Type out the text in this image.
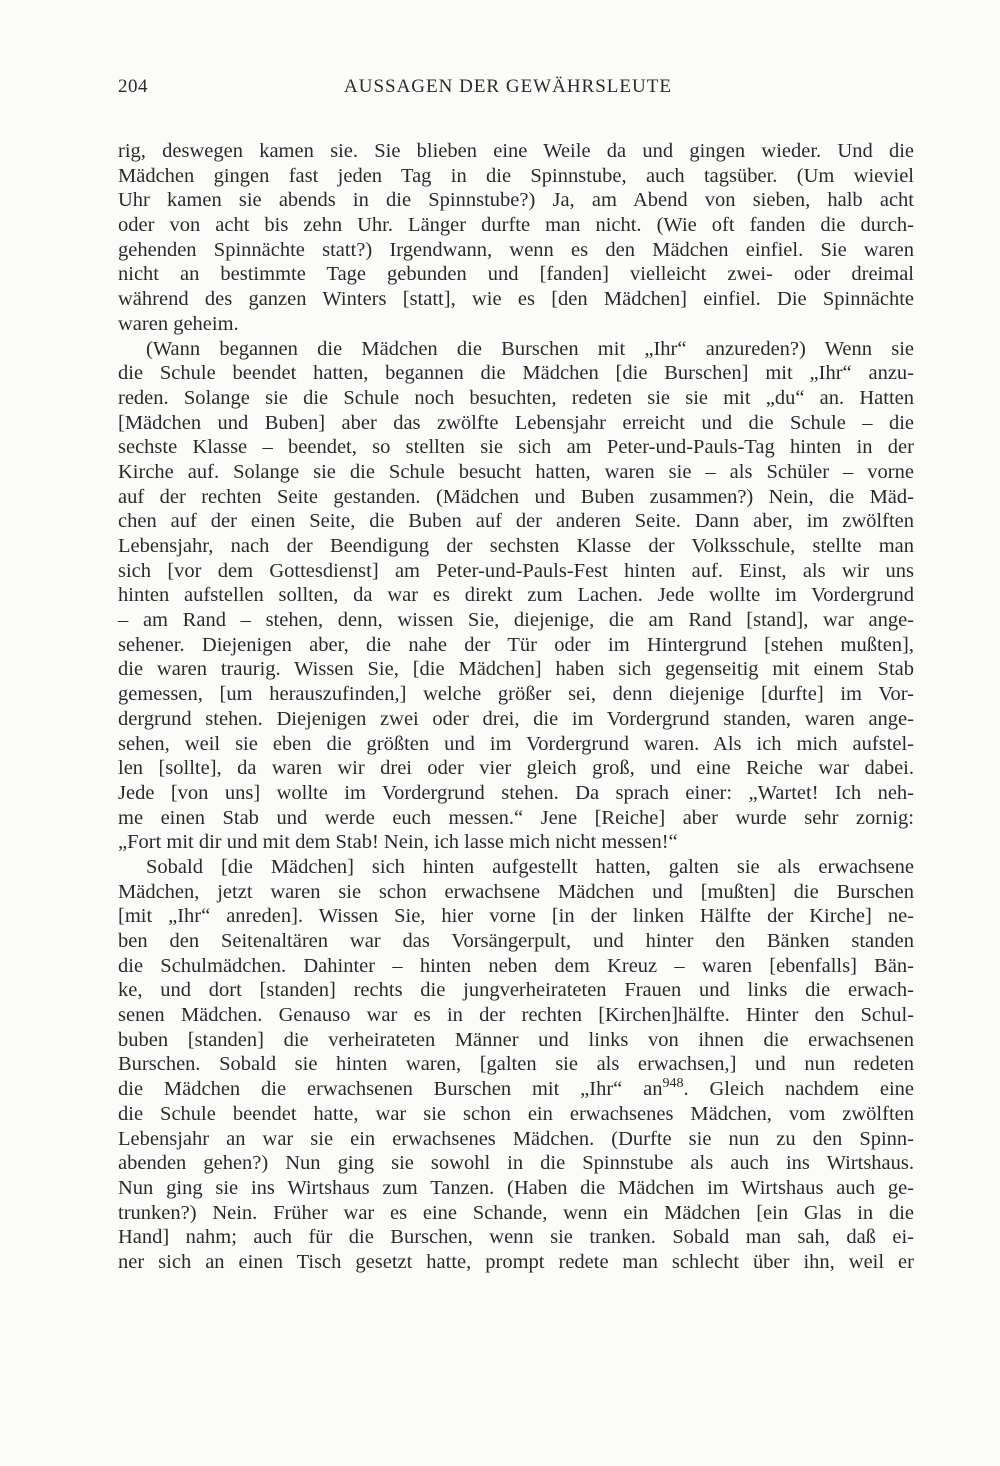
204	AUSSAGEN DER GEWÄHRSLEUTE
rig, deswegen kamen sie. Sie blieben eine Weile da und gingen wieder. Und die
Mädchen gingen fast jeden Tag in die Spinnstube, auch tagsüber. (Um wieviel
Uhr kamen sie abends in die Spinnstube?) Ja, am Abend von sieben, halb acht
oder von acht bis zehn Uhr. Länger durfte man nicht. (Wie oft fanden die durch-
gehenden Spinnächte statt?) Irgendwann, wenn es den Mädchen einfiel. Sie waren
nicht an bestimmte Tage gebunden und [fanden] vielleicht zwei- oder dreimal
während des ganzen Winters [statt], wie es [den Mädchen] einfiel. Die Spinnächte
waren geheim.
(Wann begannen die Mädchen die Burschen mit „Ihr“ anzureden?) Wenn sie
die Schule beendet hatten, begannen die Mädchen [die Burschen] mit „Ihr“ anzu-
reden. Solange sie die Schule noch besuchten, redeten sie sie mit „du“ an. Hatten
[Mädchen und Buben] aber das zwölfte Lebensjahr erreicht und die Schule – die
sechste Klasse – beendet, so stellten sie sich am Peter-und-Pauls-Tag hinten in der
Kirche auf. Solange sie die Schule besucht hatten, waren sie – als Schüler – vorne
auf der rechten Seite gestanden. (Mädchen und Buben zusammen?) Nein, die Mäd-
chen auf der einen Seite, die Buben auf der anderen Seite. Dann aber, im zwölften
Lebensjahr, nach der Beendigung der sechsten Klasse der Volksschule, stellte man
sich [vor dem Gottesdienst] am Peter-und-Pauls-Fest hinten auf. Einst, als wir uns
hinten aufstellen sollten, da war es direkt zum Lachen. Jede wollte im Vordergrund
– am Rand – stehen, denn, wissen Sie, diejenige, die am Rand [stand], war ange-
sehener. Diejenigen aber, die nahe der Tür oder im Hintergrund [stehen mußten],
die waren traurig. Wissen Sie, [die Mädchen] haben sich gegenseitig mit einem Stab
gemessen, [um herauszufinden,] welche größer sei, denn diejenige [durfte] im Vor-
dergrund stehen. Diejenigen zwei oder drei, die im Vordergrund standen, waren ange-
sehen, weil sie eben die größten und im Vordergrund waren. Als ich mich aufstel-
len [sollte], da waren wir drei oder vier gleich groß, und eine Reiche war dabei.
Jede [von uns] wollte im Vordergrund stehen. Da sprach einer: „Wartet! Ich neh-
me einen Stab und werde euch messen.“ Jene [Reiche] aber wurde sehr zornig:
„Fort mit dir und mit dem Stab! Nein, ich lasse mich nicht messen!“
Sobald [die Mädchen] sich hinten aufgestellt hatten, galten sie als erwachsene
Mädchen, jetzt waren sie schon erwachsene Mädchen und [mußten] die Burschen
[mit „Ihr“ anreden]. Wissen Sie, hier vorne [in der linken Hälfte der Kirche] ne-
ben den Seitenaltären war das Vorsängerpult, und hinter den Bänken standen
die Schulmädchen. Dahinter – hinten neben dem Kreuz – waren [ebenfalls] Bän-
ke, und dort [standen] rechts die jungverheirateten Frauen und links die erwach-
senen Mädchen. Genauso war es in der rechten [Kirchen]hälfte. Hinter den Schul-
buben [standen] die verheirateten Männer und links von ihnen die erwachsenen
Burschen. Sobald sie hinten waren, [galten sie als erwachsen,] und nun redeten
die Mädchen die erwachsenen Burschen mit „Ihr“ an$^{948}$. Gleich nachdem eine
die Schule beendet hatte, war sie schon ein erwachsenes Mädchen, vom zwölften
Lebensjahr an war sie ein erwachsenes Mädchen. (Durfte sie nun zu den Spinn-
abenden gehen?) Nun ging sie sowohl in die Spinnstube als auch ins Wirtshaus.
Nun ging sie ins Wirtshaus zum Tanzen. (Haben die Mädchen im Wirtshaus auch ge-
trunken?) Nein. Früher war es eine Schande, wenn ein Mädchen [ein Glas in die
Hand] nahm; auch für die Burschen, wenn sie tranken. Sobald man sah, daß ei-
ner sich an einen Tisch gesetzt hatte, prompt redete man schlecht über ihn, weil er
